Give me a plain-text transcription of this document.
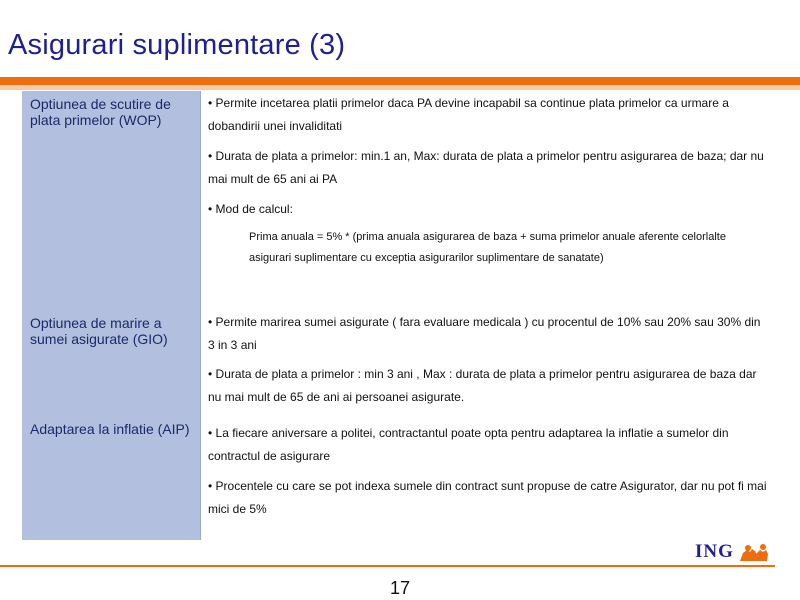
Asigurari suplimentare (3)
Optiunea de scutire de plata primelor (WOP)
• Permite incetarea platii primelor daca PA devine incapabil sa continue plata primelor ca urmare a dobandirii unei invaliditati
• Durata de plata a primelor: min.1 an, Max: durata de plata a primelor pentru asigurarea de baza; dar nu mai mult de 65 ani ai PA
• Mod de calcul:
Prima anuala = 5% * (prima anuala asigurarea de baza + suma primelor anuale aferente celorlalte asigurari suplimentare cu exceptia asigurarilor suplimentare de sanatate)
Optiunea de marire a sumei asigurate (GIO)
• Permite marirea sumei asigurate ( fara evaluare medicala ) cu procentul de 10% sau 20% sau 30% din 3 in 3 ani
• Durata de plata a primelor : min 3 ani , Max : durata de plata a primelor pentru asigurarea de baza dar nu mai mult de 65 de ani ai persoanei asigurate.
Adaptarea la inflatie (AIP)	• La fiecare aniversare a politei, contractantul poate opta pentru adaptarea la inflatie a sumelor din contractul de asigurare
• Procentele cu care se pot indexa sumele din contract sunt propuse de catre Asigurator, dar nu pot fi mai mici de 5%
ING
17
